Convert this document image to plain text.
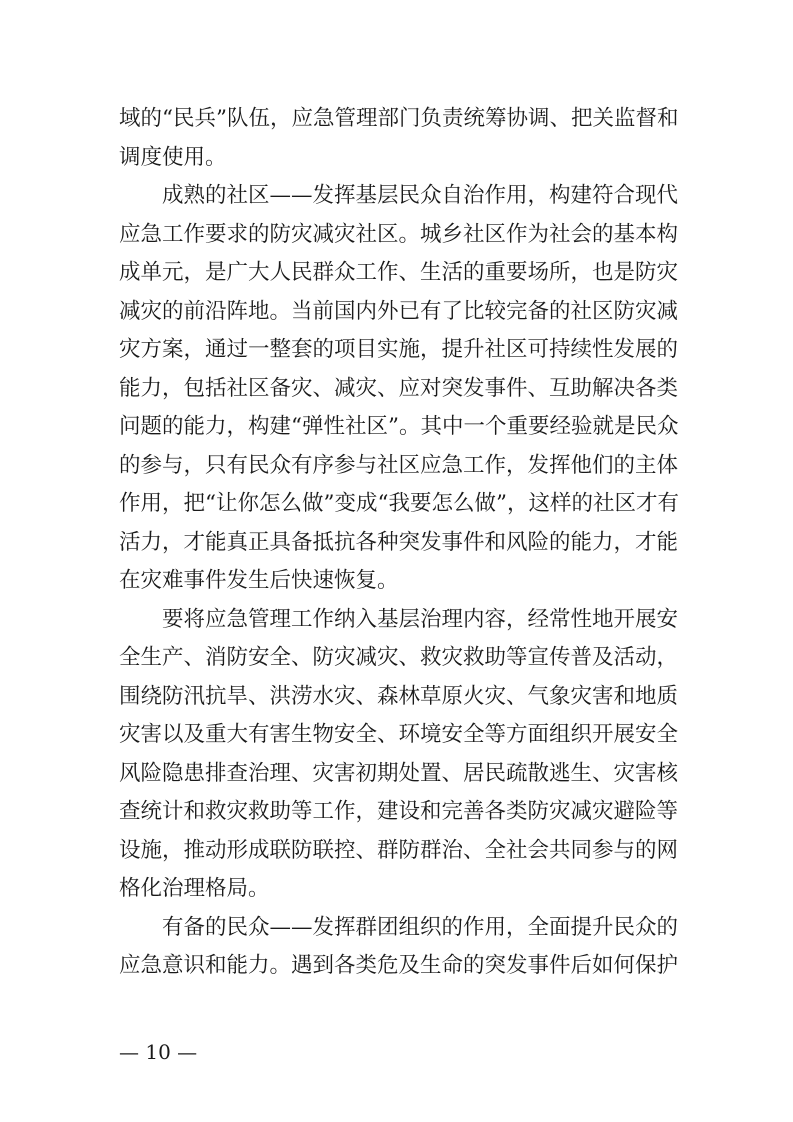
域的“民兵”队伍，应急管理部门负责统筹协调、把关监督和
调度使用。
成熟的社区——发挥基层民众自治作用，构建符合现代
应急工作要求的防灾减灾社区。城乡社区作为社会的基本构
成单元，是广大人民群众工作、生活的重要场所，也是防灾
减灾的前沿阵地。当前国内外已有了比较完备的社区防灾减
灾方案，通过一整套的项目实施，提升社区可持续性发展的
能力，包括社区备灾、减灾、应对突发事件、互助解决各类
问题的能力，构建“弹性社区”。其中一个重要经验就是民众
的参与，只有民众有序参与社区应急工作，发挥他们的主体
作用，把“让你怎么做”变成“我要怎么做”，这样的社区才有
活力，才能真正具备抵抗各种突发事件和风险的能力，才能
在灾难事件发生后快速恢复。
要将应急管理工作纳入基层治理内容，经常性地开展安
全生产、消防安全、防灾减灾、救灾救助等宣传普及活动，
围绕防汛抗旱、洪涝水灾、森林草原火灾、气象灾害和地质
灾害以及重大有害生物安全、环境安全等方面组织开展安全
风险隐患排查治理、灾害初期处置、居民疏散逃生、灾害核
查统计和救灾救助等工作，建设和完善各类防灾减灾避险等
设施，推动形成联防联控、群防群治、全社会共同参与的网
格化治理格局。
有备的民众——发挥群团组织的作用，全面提升民众的
应急意识和能力。遇到各类危及生命的突发事件后如何保护
— 10 —
